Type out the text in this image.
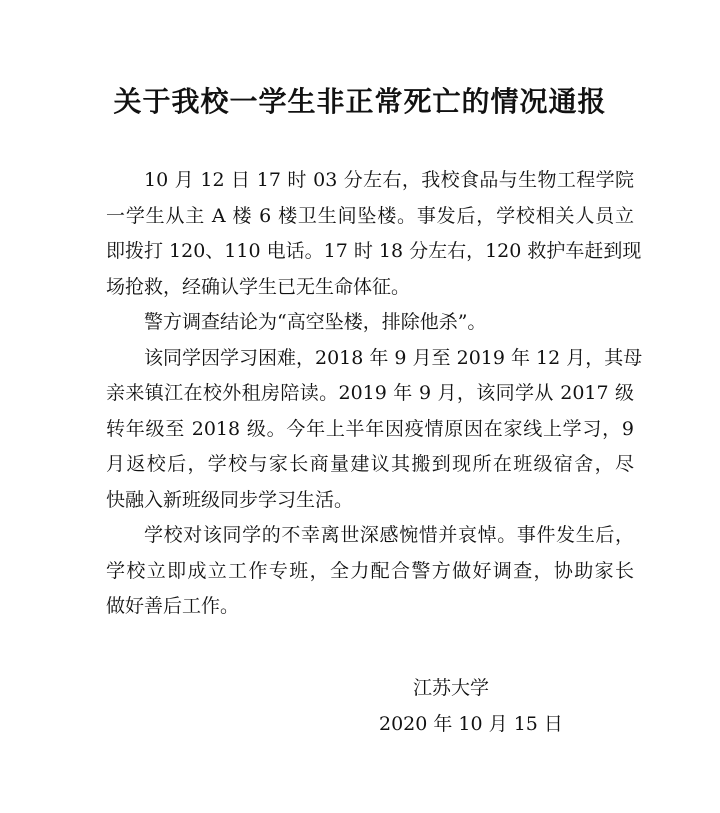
关于我校一学生非正常死亡的情况通报

10 月 12 日 17 时 03 分左右，我校食品与生物工程学院
一学生从主 A 楼 6 楼卫生间坠楼。事发后，学校相关人员立
即拨打 120、110 电话。17 时 18 分左右，120 救护车赶到现
场抢救，经确认学生已无生命体征。

警方调查结论为“高空坠楼，排除他杀”。

该同学因学习困难，2018 年 9 月至 2019 年 12 月，其母
亲来镇江在校外租房陪读。2019 年 9 月，该同学从 2017 级
转年级至 2018 级。今年上半年因疫情原因在家线上学习，9
月返校后，学校与家长商量建议其搬到现所在班级宿舍，尽
快融入新班级同步学习生活。

学校对该同学的不幸离世深感惋惜并哀悼。事件发生后，
学校立即成立工作专班，全力配合警方做好调查，协助家长
做好善后工作。

江苏大学
2020 年 10 月 15 日
